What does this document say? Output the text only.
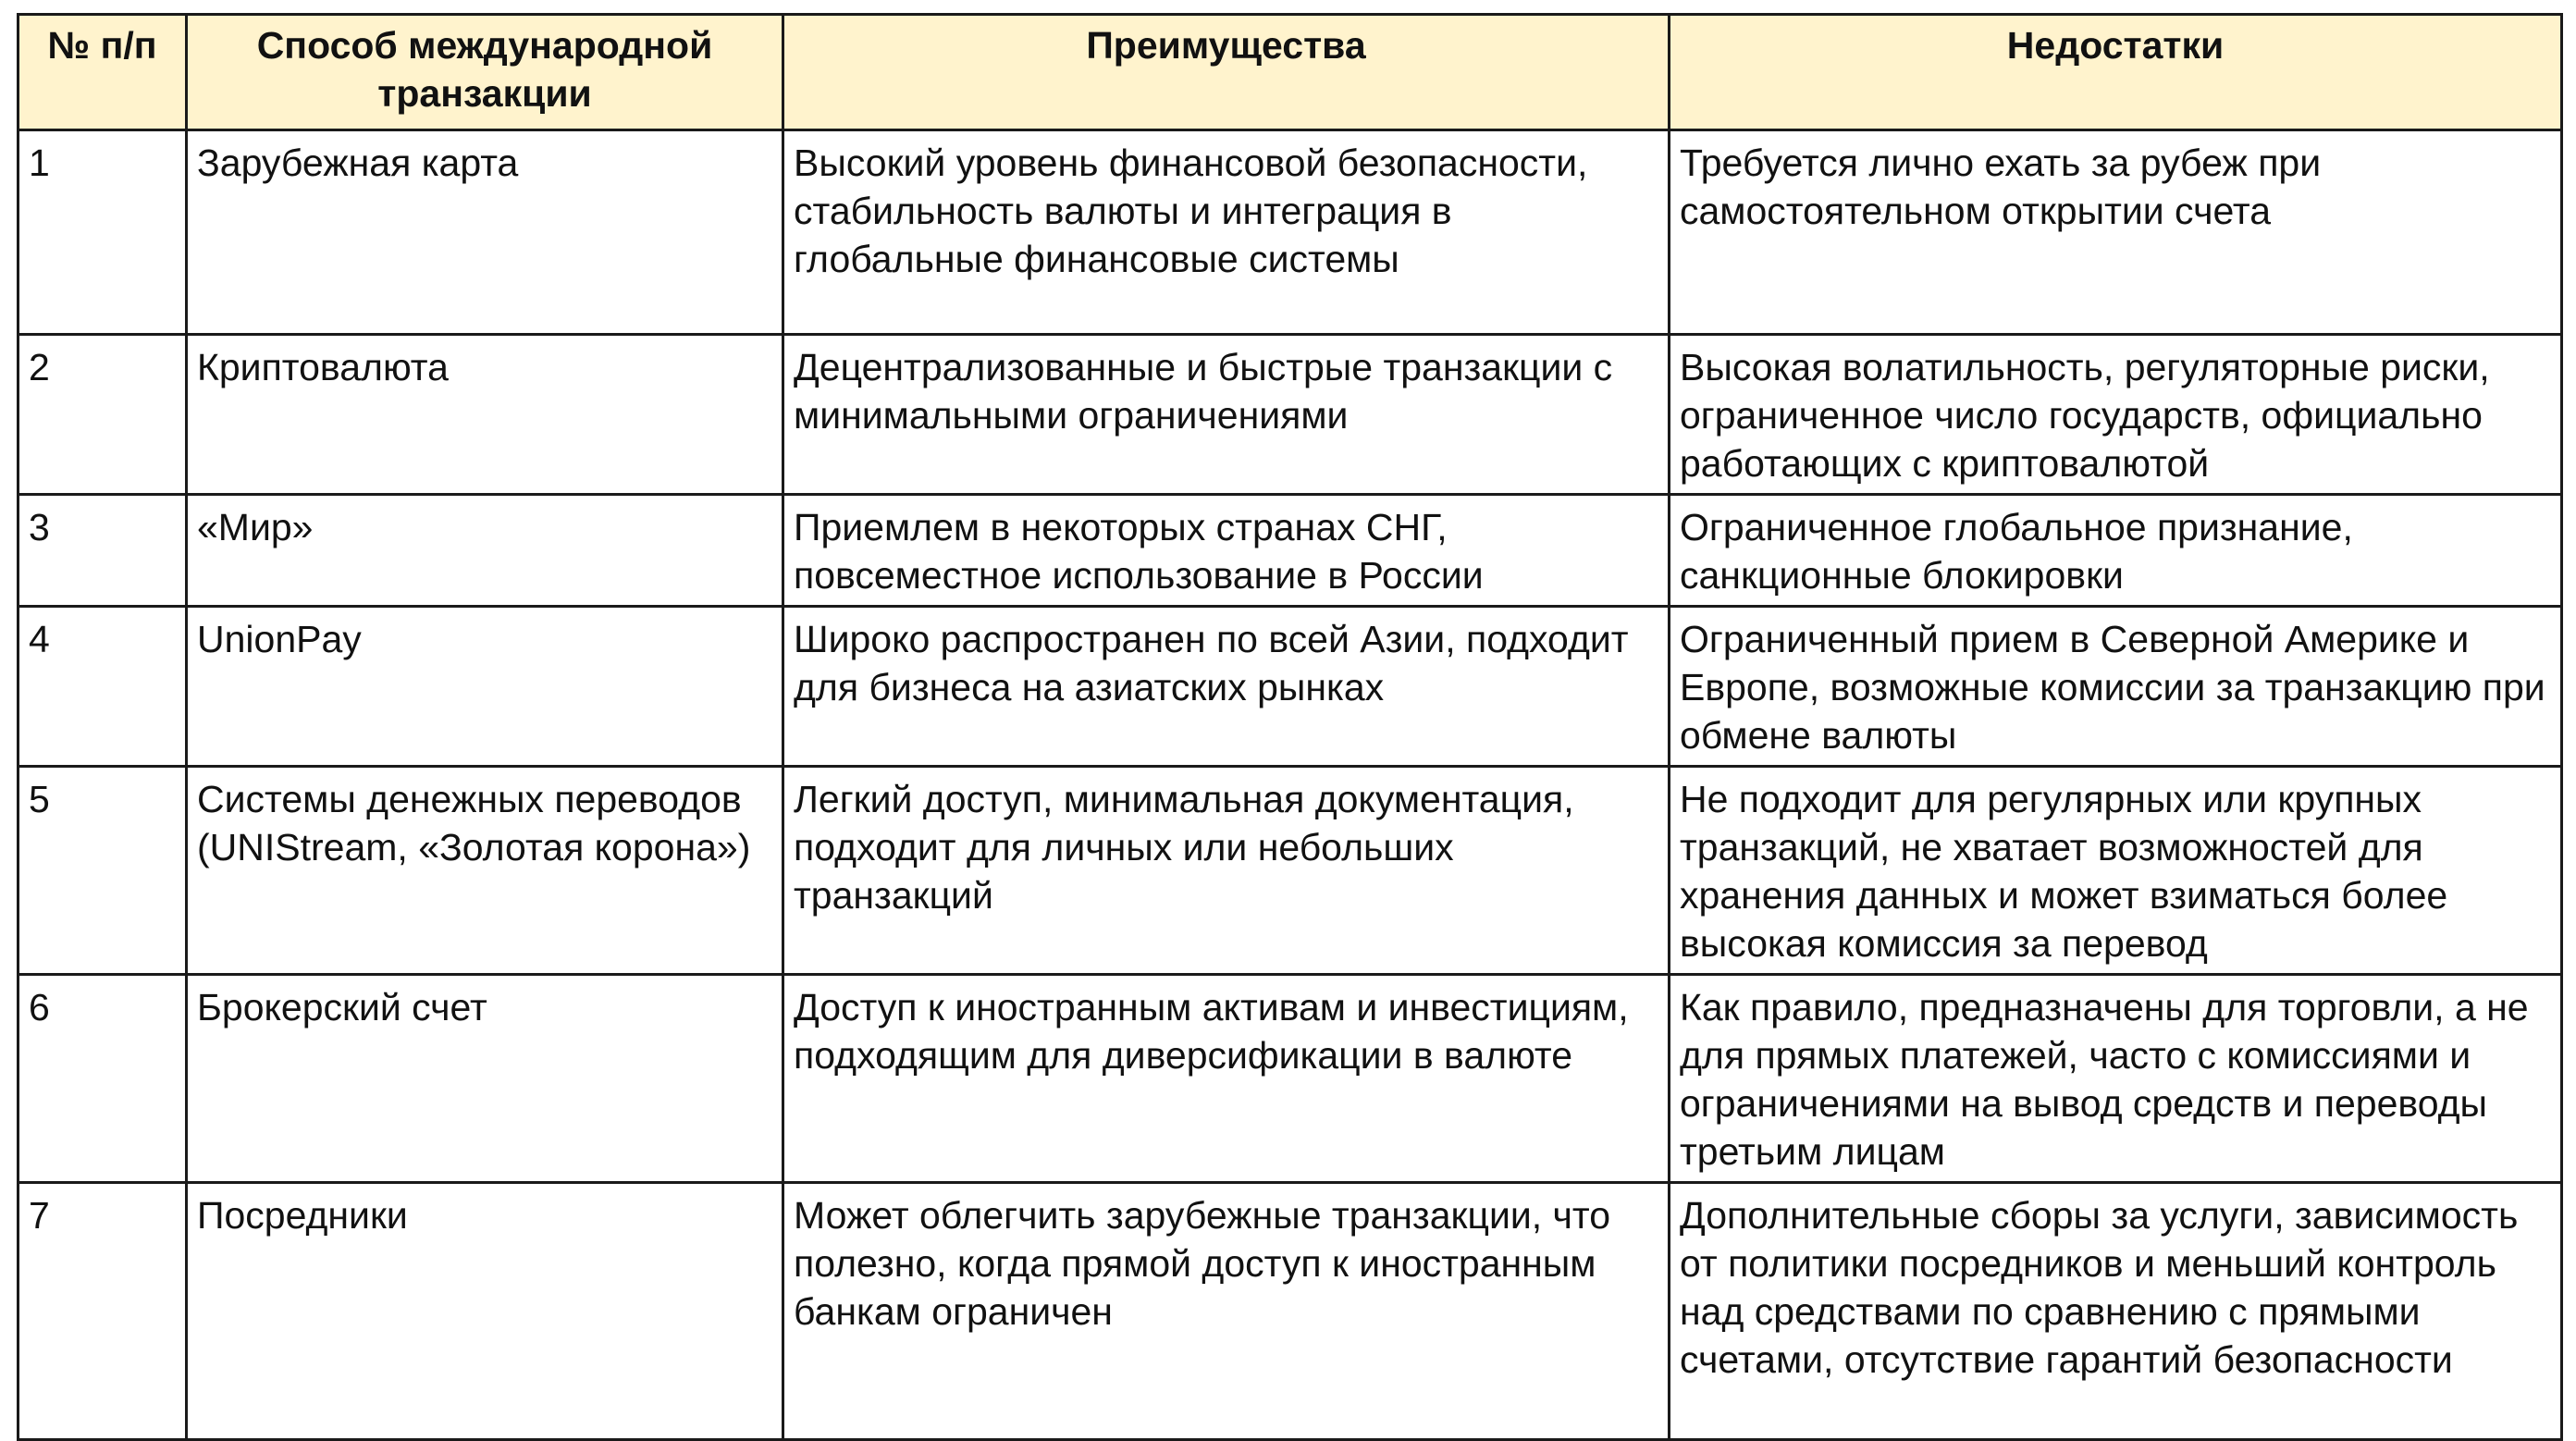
№ п/п	Способ международной транзакции	Преимущества	Недостатки
1	Зарубежная карта	Высокий уровень финансовой безопасности, стабильность валюты и интеграция в глобальные финансовые системы	Требуется лично ехать за рубеж при самостоятельном открытии счета
2	Криптовалюта	Децентрализованные и быстрые транзакции с минимальными ограничениями	Высокая волатильность, регуляторные риски, ограниченное число государств, официально работающих с криптовалютой
3	«Мир»	Приемлем в некоторых странах СНГ, повсеместное использование в России	Ограниченное глобальное признание, санкционные блокировки
4	UnionPay	Широко распространен по всей Азии, подходит для бизнеса на азиатских рынках	Ограниченный прием в Северной Америке и Европе, возможные комиссии за транзакцию при обмене валюты
5	Системы денежных переводов (UNIStream, «Золотая корона»)	Легкий доступ, минимальная документация, подходит для личных или небольших транзакций	Не подходит для регулярных или крупных транзакций, не хватает возможностей для хранения данных и может взиматься более высокая комиссия за перевод
6	Брокерский счет	Доступ к иностранным активам и инвестициям, подходящим для диверсификации в валюте	Как правило, предназначены для торговли, а не для прямых платежей, часто с комиссиями и ограничениями на вывод средств и переводы третьим лицам
7	Посредники	Может облегчить зарубежные транзакции, что полезно, когда прямой доступ к иностранным банкам ограничен	Дополнительные сборы за услуги, зависимость от политики посредников и меньший контроль над средствами по сравнению с прямыми счетами, отсутствие гарантий безопасности
